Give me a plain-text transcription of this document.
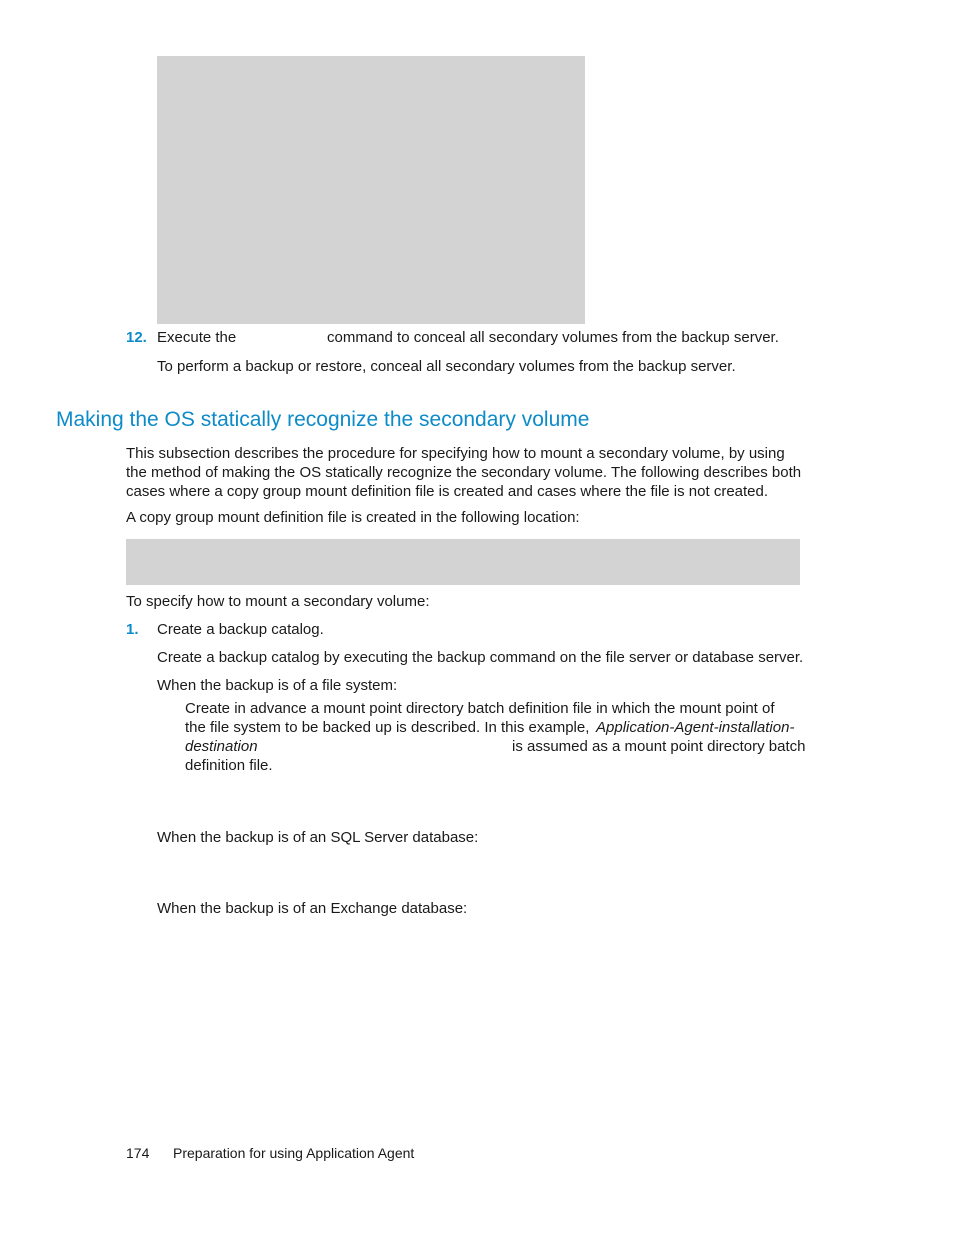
12. Execute the	command to conceal all secondary volumes from the backup server.
To perform a backup or restore, conceal all secondary volumes from the backup server.
Making the OS statically recognize the secondary volume
This subsection describes the procedure for specifying how to mount a secondary volume, by using
the method of making the OS statically recognize the secondary volume. The following describes both
cases where a copy group mount definition file is created and cases where the file is not created.
A copy group mount definition file is created in the following location:
To specify how to mount a secondary volume:
1. Create a backup catalog.
Create a backup catalog by executing the backup command on the file server or database server.
When the backup is of a file system:
Create in advance a mount point directory batch definition file in which the mount point of
the file system to be backed up is described. In this example, Application-Agent-installation-
destination	is assumed as a mount point directory batch
definition file.
When the backup is of an SQL Server database:
When the backup is of an Exchange database:
174 Preparation for using Application Agent
